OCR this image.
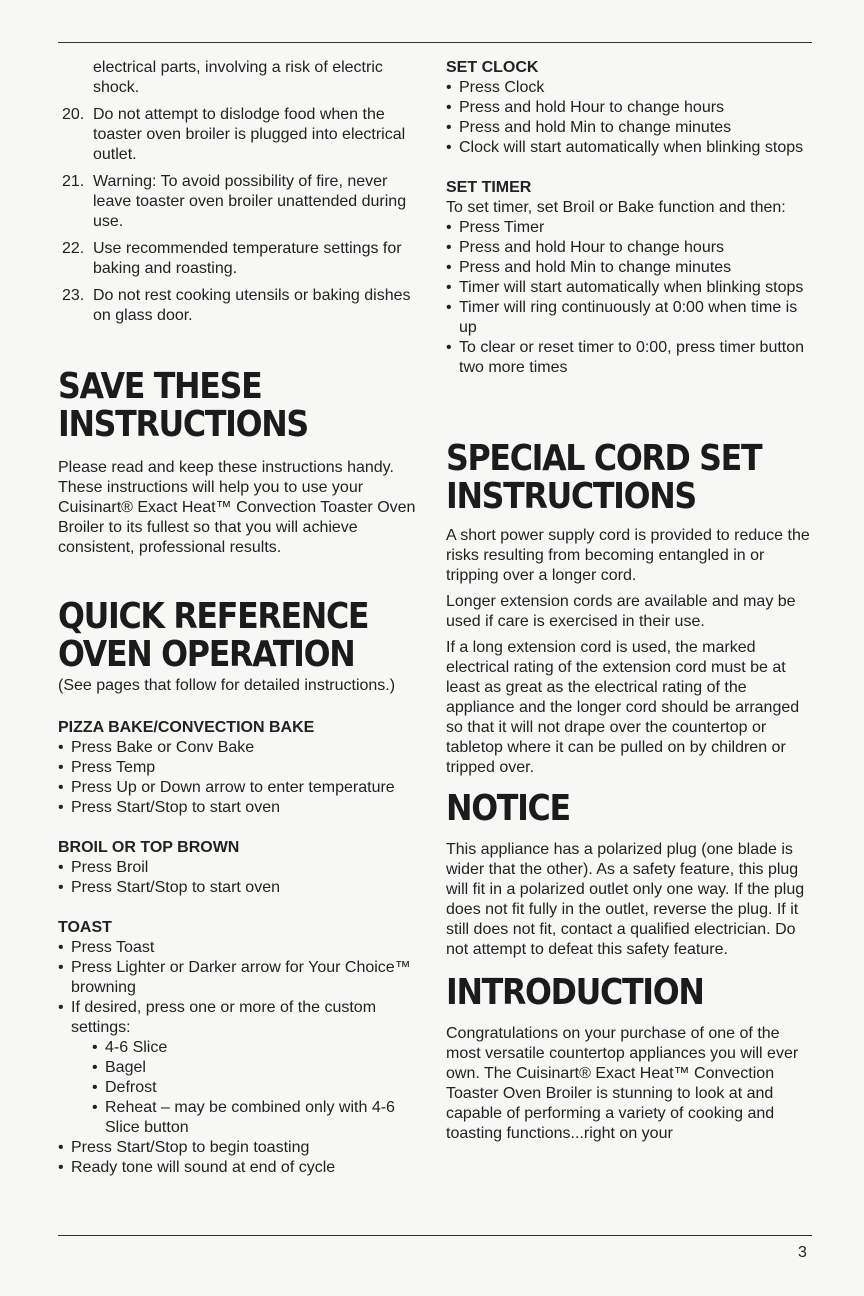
electrical parts, involving a risk of electric shock.

20. Do not attempt to dislodge food when the toaster oven broiler is plugged into electrical outlet.
21. Warning: To avoid possibility of fire, never leave toaster oven broiler unattended during use.
22. Use recommended temperature settings for baking and roasting.
23. Do not rest cooking utensils or baking dishes on glass door.

SAVE THESE

INSTRUCTIONS

Please read and keep these instructions handy. These instructions will help you to use your Cuisinart® Exact Heat™ Convection Toaster Oven Broiler to its fullest so that you will achieve consistent, professional results.

QUICK REFERENCE

OVEN OPERATION

(See pages that follow for detailed instructions.)

PIZZA BAKE/CONVECTION BAKE

• Press Bake or Conv Bake
• Press Temp
• Press Up or Down arrow to enter temperature
• Press Start/Stop to start oven

BROIL OR TOP BROWN

• Press Broil
• Press Start/Stop to start oven

TOAST

• Press Toast
• Press Lighter or Darker arrow for Your Choice™ browning
• If desired, press one or more of the custom settings:
• 4-6 Slice
• Bagel
• Defrost
• Reheat – may be combined only with 4-6 Slice button
• Press Start/Stop to begin toasting
• Ready tone will sound at end of cycle

SET CLOCK

• Press Clock
• Press and hold Hour to change hours
• Press and hold Min to change minutes
• Clock will start automatically when blinking stops

SET TIMER

To set timer, set Broil or Bake function and then:

• Press Timer
• Press and hold Hour to change hours
• Press and hold Min to change minutes
• Timer will start automatically when blinking stops
• Timer will ring continuously at 0:00 when time is up
• To clear or reset timer to 0:00, press timer button two more times

SPECIAL CORD SET

INSTRUCTIONS

A short power supply cord is provided to reduce the risks resulting from becoming entangled in or tripping over a longer cord.

Longer extension cords are available and may be used if care is exercised in their use.

If a long extension cord is used, the marked electrical rating of the extension cord must be at least as great as the electrical rating of the appliance and the longer cord should be arranged so that it will not drape over the countertop or tabletop where it can be pulled on by children or tripped over.

NOTICE

This appliance has a polarized plug (one blade is wider that the other). As a safety feature, this plug will fit in a polarized outlet only one way. If the plug does not fit fully in the outlet, reverse the plug. If it still does not fit, contact a qualified electrician. Do not attempt to defeat this safety feature.

INTRODUCTION

Congratulations on your purchase of one of the most versatile countertop appliances you will ever own. The Cuisinart® Exact Heat™ Convection Toaster Oven Broiler is stunning to look at and capable of performing a variety of cooking and toasting functions...right on your

3
